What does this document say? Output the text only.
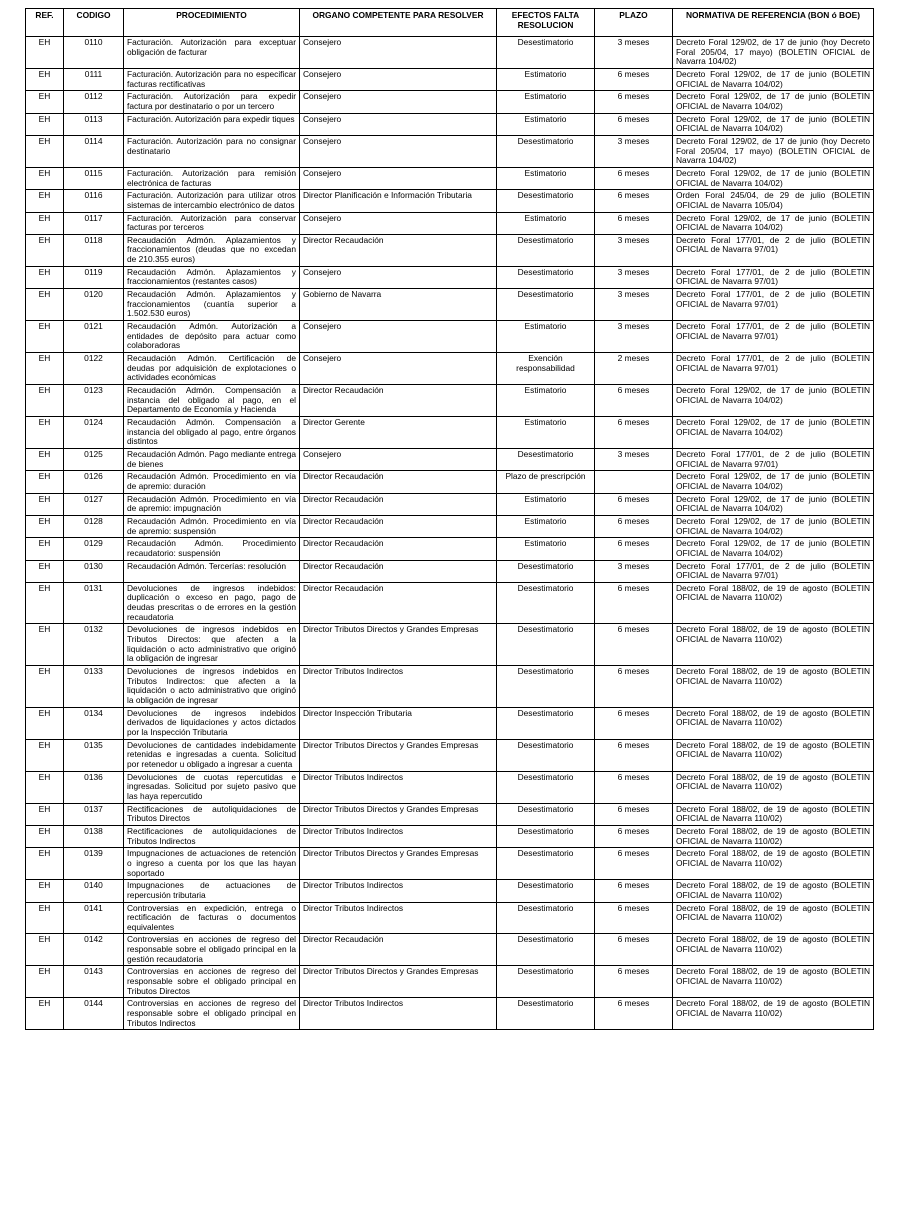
REF.	CODIGO	PROCEDIMIENTO	ORGANO COMPETENTE PARA RESOLVER	EFECTOS FALTA RESOLUCION	PLAZO	NORMATIVA DE REFERENCIA (BON ó BOE)
EH	0110	Facturación. Autorización para exceptuar obligación de facturar	Consejero	Desestimatorio	3 meses	Decreto Foral 129/02, de 17 de junio (hoy Decreto Foral 205/04, 17 mayo) (BOLETIN OFICIAL de Navarra 104/02)
EH	0111	Facturación. Autorización para no especificar facturas rectificativas	Consejero	Estimatorio	6 meses	Decreto Foral 129/02, de 17 de junio (BOLETIN OFICIAL de Navarra 104/02)
EH	0112	Facturación. Autorización para expedir factura por destinatario o por un tercero	Consejero	Estimatorio	6 meses	Decreto Foral 129/02, de 17 de junio (BOLETIN OFICIAL de Navarra 104/02)
EH	0113	Facturación. Autorización para expedir tiques	Consejero	Estimatorio	6 meses	Decreto Foral 129/02, de 17 de junio (BOLETIN OFICIAL de Navarra 104/02)
EH	0114	Facturación. Autorización para no consignar destinatario	Consejero	Desestimatorio	3 meses	Decreto Foral 129/02, de 17 de junio (hoy Decreto Foral 205/04, 17 mayo) (BOLETIN OFICIAL de Navarra 104/02)
EH	0115	Facturación. Autorización para remisión electrónica de facturas	Consejero	Estimatorio	6 meses	Decreto Foral 129/02, de 17 de junio (BOLETIN OFICIAL de Navarra 104/02)
EH	0116	Facturación. Autorización para utilizar otros sistemas de intercambio electrónico de datos	Director Planificación e Información Tributaria	Desestimatorio	6 meses	Orden Foral 245/04, de 29 de julio (BOLETIN OFICIAL de Navarra 105/04)
EH	0117	Facturación. Autorización para conservar facturas por terceros	Consejero	Estimatorio	6 meses	Decreto Foral 129/02, de 17 de junio (BOLETIN OFICIAL de Navarra 104/02)
EH	0118	Recaudación Admón. Aplazamientos y fraccionamientos (deudas que no excedan de 210.355 euros)	Director Recaudación	Desestimatorio	3 meses	Decreto Foral 177/01, de 2 de julio (BOLETIN OFICIAL de Navarra 97/01)
EH	0119	Recaudación Admón. Aplazamientos y fraccionamientos (restantes casos)	Consejero	Desestimatorio	3 meses	Decreto Foral 177/01, de 2 de julio (BOLETIN OFICIAL de Navarra 97/01)
EH	0120	Recaudación Admón. Aplazamientos y fraccionamientos (cuantía superior a 1.502.530 euros)	Gobierno de Navarra	Desestimatorio	3 meses	Decreto Foral 177/01, de 2 de julio (BOLETIN OFICIAL de Navarra 97/01)
EH	0121	Recaudación Admón. Autorización a entidades de depósito para actuar como colaboradoras	Consejero	Estimatorio	3 meses	Decreto Foral 177/01, de 2 de julio (BOLETIN OFICIAL de Navarra 97/01)
EH	0122	Recaudación Admón. Certificación de deudas por adquisición de explotaciones o actividades económicas	Consejero	Exención responsabilidad	2 meses	Decreto Foral 177/01, de 2 de julio (BOLETIN OFICIAL de Navarra 97/01)
EH	0123	Recaudación Admón. Compensación a instancia del obligado al pago, en el Departamento de Economía y Hacienda	Director Recaudación	Estimatorio	6 meses	Decreto Foral 129/02, de 17 de junio (BOLETIN OFICIAL de Navarra 104/02)
EH	0124	Recaudación Admón. Compensación a instancia del obligado al pago, entre órganos distintos	Director Gerente	Estimatorio	6 meses	Decreto Foral 129/02, de 17 de junio (BOLETIN OFICIAL de Navarra 104/02)
EH	0125	Recaudación Admón. Pago mediante entrega de bienes	Consejero	Desestimatorio	3 meses	Decreto Foral 177/01, de 2 de julio (BOLETIN OFICIAL de Navarra 97/01)
EH	0126	Recaudación Admón. Procedimiento en vía de apremio: duración	Director Recaudación	Plazo de prescripción		Decreto Foral 129/02, de 17 de junio (BOLETIN OFICIAL de Navarra 104/02)
EH	0127	Recaudación Admón. Procedimiento en vía de apremio: impugnación	Director Recaudación	Estimatorio	6 meses	Decreto Foral 129/02, de 17 de junio (BOLETIN OFICIAL de Navarra 104/02)
EH	0128	Recaudación Admón. Procedimiento en vía de apremio: suspensión	Director Recaudación	Estimatorio	6 meses	Decreto Foral 129/02, de 17 de junio (BOLETIN OFICIAL de Navarra 104/02)
EH	0129	Recaudación Admón. Procedimiento recaudatorio: suspensión	Director Recaudación	Estimatorio	6 meses	Decreto Foral 129/02, de 17 de junio (BOLETIN OFICIAL de Navarra 104/02)
EH	0130	Recaudación Admón. Tercerías: resolución	Director Recaudación	Desestimatorio	3 meses	Decreto Foral 177/01, de 2 de julio (BOLETIN OFICIAL de Navarra 97/01)
EH	0131	Devoluciones de ingresos indebidos: duplicación o exceso en pago, pago de deudas prescritas o de errores en la gestión recaudatoria	Director Recaudación	Desestimatorio	6 meses	Decreto Foral 188/02, de 19 de agosto (BOLETIN OFICIAL de Navarra 110/02)
EH	0132	Devoluciones de ingresos indebidos en Tributos Directos: que afecten a la liquidación o acto administrativo que originó la obligación de ingresar	Director Tributos Directos y Grandes Empresas	Desestimatorio	6 meses	Decreto Foral 188/02, de 19 de agosto (BOLETIN OFICIAL de Navarra 110/02)
EH	0133	Devoluciones de ingresos indebidos en Tributos Indirectos: que afecten a la liquidación o acto administrativo que originó la obligación de ingresar	Director Tributos Indirectos	Desestimatorio	6 meses	Decreto Foral 188/02, de 19 de agosto (BOLETIN OFICIAL de Navarra 110/02)
EH	0134	Devoluciones de ingresos indebidos derivados de liquidaciones y actos dictados por la Inspección Tributaria	Director Inspección Tributaria	Desestimatorio	6 meses	Decreto Foral 188/02, de 19 de agosto (BOLETIN OFICIAL de Navarra 110/02)
EH	0135	Devoluciones de cantidades indebidamente retenidas e ingresadas a cuenta. Solicitud por retenedor u obligado a ingresar a cuenta	Director Tributos Directos y Grandes Empresas	Desestimatorio	6 meses	Decreto Foral 188/02, de 19 de agosto (BOLETIN OFICIAL de Navarra 110/02)
EH	0136	Devoluciones de cuotas repercutidas e ingresadas. Solicitud por sujeto pasivo que las haya repercutido	Director Tributos Indirectos	Desestimatorio	6 meses	Decreto Foral 188/02, de 19 de agosto (BOLETIN OFICIAL de Navarra 110/02)
EH	0137	Rectificaciones de autoliquidaciones de Tributos Directos	Director Tributos Directos y Grandes Empresas	Desestimatorio	6 meses	Decreto Foral 188/02, de 19 de agosto (BOLETIN OFICIAL de Navarra 110/02)
EH	0138	Rectificaciones de autoliquidaciones de Tributos Indirectos	Director Tributos Indirectos	Desestimatorio	6 meses	Decreto Foral 188/02, de 19 de agosto (BOLETIN OFICIAL de Navarra 110/02)
EH	0139	Impugnaciones de actuaciones de retención o ingreso a cuenta por los que las hayan soportado	Director Tributos Directos y Grandes Empresas	Desestimatorio	6 meses	Decreto Foral 188/02, de 19 de agosto (BOLETIN OFICIAL de Navarra 110/02)
EH	0140	Impugnaciones de actuaciones de repercusión tributaria	Director Tributos Indirectos	Desestimatorio	6 meses	Decreto Foral 188/02, de 19 de agosto (BOLETIN OFICIAL de Navarra 110/02)
EH	0141	Controversias en expedición, entrega o rectificación de facturas o documentos equivalentes	Director Tributos Indirectos	Desestimatorio	6 meses	Decreto Foral 188/02, de 19 de agosto (BOLETIN OFICIAL de Navarra 110/02)
EH	0142	Controversias en acciones de regreso del responsable sobre el obligado principal en la gestión recaudatoria	Director Recaudación	Desestimatorio	6 meses	Decreto Foral 188/02, de 19 de agosto (BOLETIN OFICIAL de Navarra 110/02)
EH	0143	Controversias en acciones de regreso del responsable sobre el obligado principal en Tributos Directos	Director Tributos Directos y Grandes Empresas	Desestimatorio	6 meses	Decreto Foral 188/02, de 19 de agosto (BOLETIN OFICIAL de Navarra 110/02)
EH	0144	Controversias en acciones de regreso del responsable sobre el obligado principal en Tributos Indirectos	Director Tributos Indirectos	Desestimatorio	6 meses	Decreto Foral 188/02, de 19 de agosto (BOLETIN OFICIAL de Navarra 110/02)
